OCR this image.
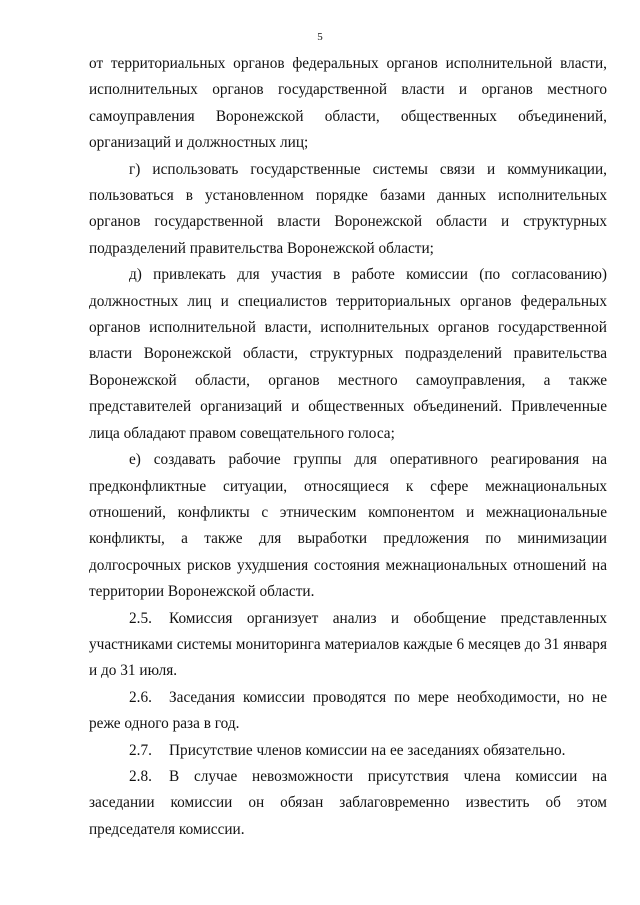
5

от территориальных органов федеральных органов исполнительной власти, исполнительных органов государственной власти и органов местного самоуправления Воронежской области, общественных объединений, организаций и должностных лиц;

г) использовать государственные системы связи и коммуникации, пользоваться в установленном порядке базами данных исполнительных органов государственной власти Воронежской области и структурных подразделений правительства Воронежской области;

д) привлекать для участия в работе комиссии (по согласованию) должностных лиц и специалистов территориальных органов федеральных органов исполнительной власти, исполнительных органов государственной власти Воронежской области, структурных подразделений правительства Воронежской области, органов местного самоуправления, а также представителей организаций и общественных объединений. Привлеченные лица обладают правом совещательного голоса;

е) создавать рабочие группы для оперативного реагирования на предконфликтные ситуации, относящиеся к сфере межнациональных отношений, конфликты с этническим компонентом и межнациональные конфликты, а также для выработки предложения по минимизации долгосрочных рисков ухудшения состояния межнациональных отношений на территории Воронежской области.

2.5. Комиссия организует анализ и обобщение представленных участниками системы мониторинга материалов каждые 6 месяцев до 31 января и до 31 июля.

2.6. Заседания комиссии проводятся по мере необходимости, но не реже одного раза в год.

2.7. Присутствие членов комиссии на ее заседаниях обязательно.

2.8. В случае невозможности присутствия члена комиссии на заседании комиссии он обязан заблаговременно известить об этом председателя комиссии.
